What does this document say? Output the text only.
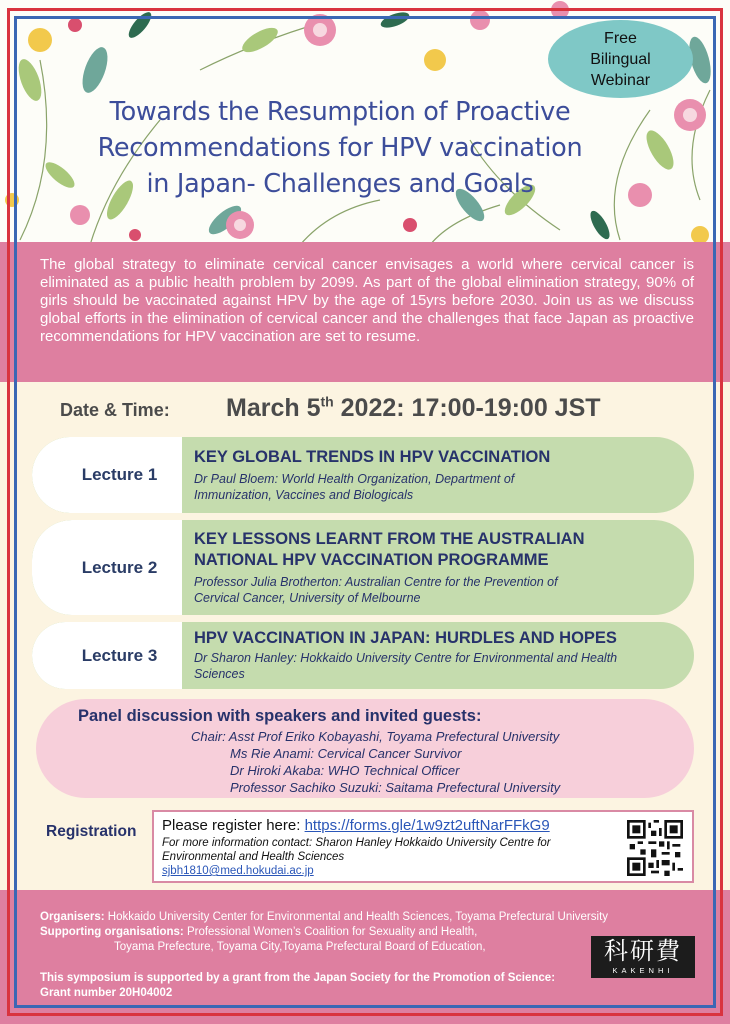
Free
Bilingual
Webinar
Towards the Resumption of Proactive
Recommendations for HPV vaccination
in Japan- Challenges and Goals

The global strategy to eliminate cervical cancer envisages a world where cervical cancer is eliminated as a public health problem by 2099. As part of the global elimination strategy, 90% of girls should be vaccinated against HPV by the age of 15yrs before 2030. Join us as we discuss global efforts in the elimination of cervical cancer and the challenges that face Japan as proactive recommendations for HPV vaccination are set to resume.

Date & Time: March 5th 2022: 17:00-19:00 JST
Lecture 1
KEY GLOBAL TRENDS IN HPV VACCINATION
Dr Paul Bloem: World Health Organization, Department of
Immunization, Vaccines and Biologicals
Lecture 2
KEY LESSONS LEARNT FROM THE AUSTRALIAN
NATIONAL HPV VACCINATION PROGRAMME
Professor Julia Brotherton: Australian Centre for the Prevention of
Cervical Cancer, University of Melbourne
Lecture 3
HPV VACCINATION IN JAPAN: HURDLES AND HOPES
Dr Sharon Hanley: Hokkaido University Centre for Environmental and Health
Sciences
Panel discussion with speakers and invited guests:
Chair: Asst Prof Eriko Kobayashi, Toyama Prefectural University
Ms Rie Anami: Cervical Cancer Survivor
Dr Hiroki Akaba: WHO Technical Officer
Professor Sachiko Suzuki: Saitama Prefectural University
Registration Please register here: https://forms.gle/1w9zt2uftNarFFkG9
For more information contact: Sharon Hanley Hokkaido University Centre for Environmental and Health Sciences
sjbh1810@med.hokudai.ac.jp
Organisers: Hokkaido University Center for Environmental and Health Sciences, Toyama Prefectural University
Supporting organisations: Professional Women’s Coalition for Sexuality and Health,
Toyama Prefecture, Toyama City,Toyama Prefectural Board of Education,
This symposium is supported by a grant from the Japan Society for the Promotion of Science:
Grant number 20H04002
科研費
KAKENHI
